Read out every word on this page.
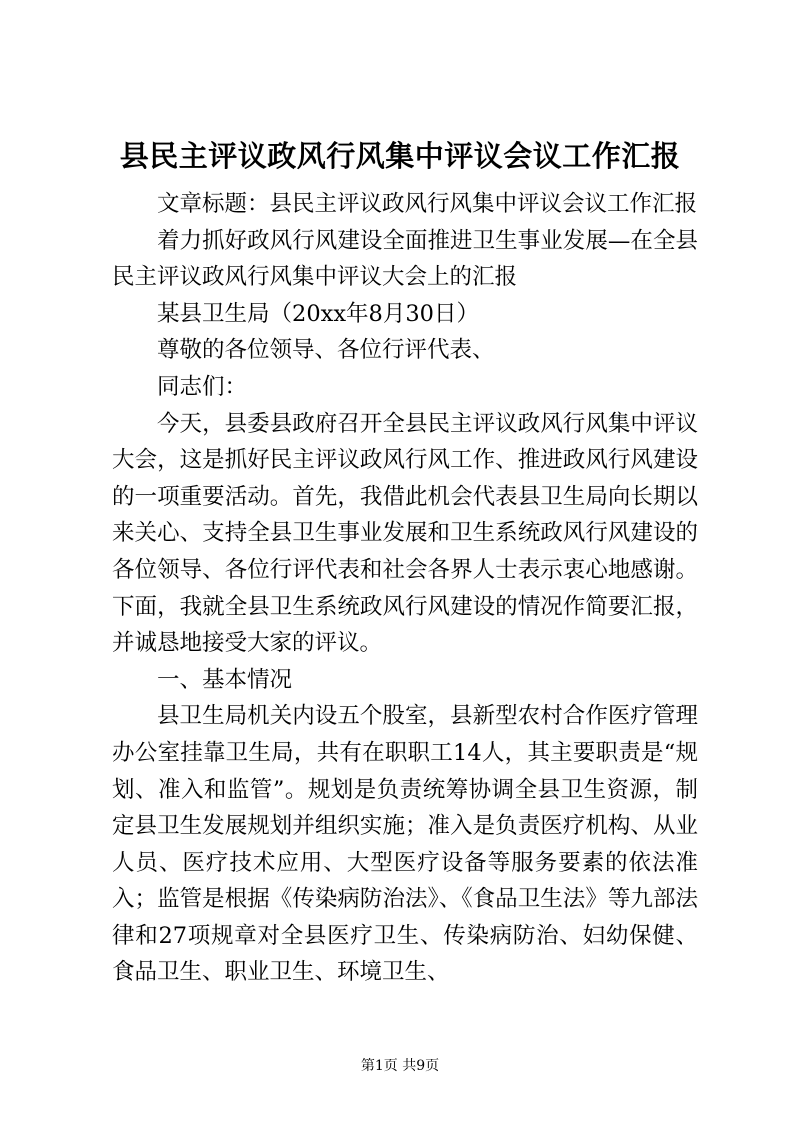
县民主评议政风行风集中评议会议工作汇报

文章标题：县民主评议政风行风集中评议会议工作汇报

着力抓好政风行风建设全面推进卫生事业发展—在全县民主评议政风行风集中评议大会上的汇报

某县卫生局（20xx年8月30日）

尊敬的各位领导、各位行评代表、

同志们：

今天，县委县政府召开全县民主评议政风行风集中评议大会，这是抓好民主评议政风行风工作、推进政风行风建设的一项重要活动。首先，我借此机会代表县卫生局向长期以来关心、支持全县卫生事业发展和卫生系统政风行风建设的各位领导、各位行评代表和社会各界人士表示衷心地感谢。下面，我就全县卫生系统政风行风建设的情况作简要汇报，并诚恳地接受大家的评议。

一、基本情况

县卫生局机关内设五个股室，县新型农村合作医疗管理办公室挂靠卫生局，共有在职职工14人，其主要职责是“规划、准入和监管”。规划是负责统筹协调全县卫生资源，制定县卫生发展规划并组织实施；准入是负责医疗机构、从业人员、医疗技术应用、大型医疗设备等服务要素的依法准入；监管是根据《传染病防治法》、《食品卫生法》等九部法律和27项规章对全县医疗卫生、传染病防治、妇幼保健、食品卫生、职业卫生、环境卫生、

第1页 共9页
